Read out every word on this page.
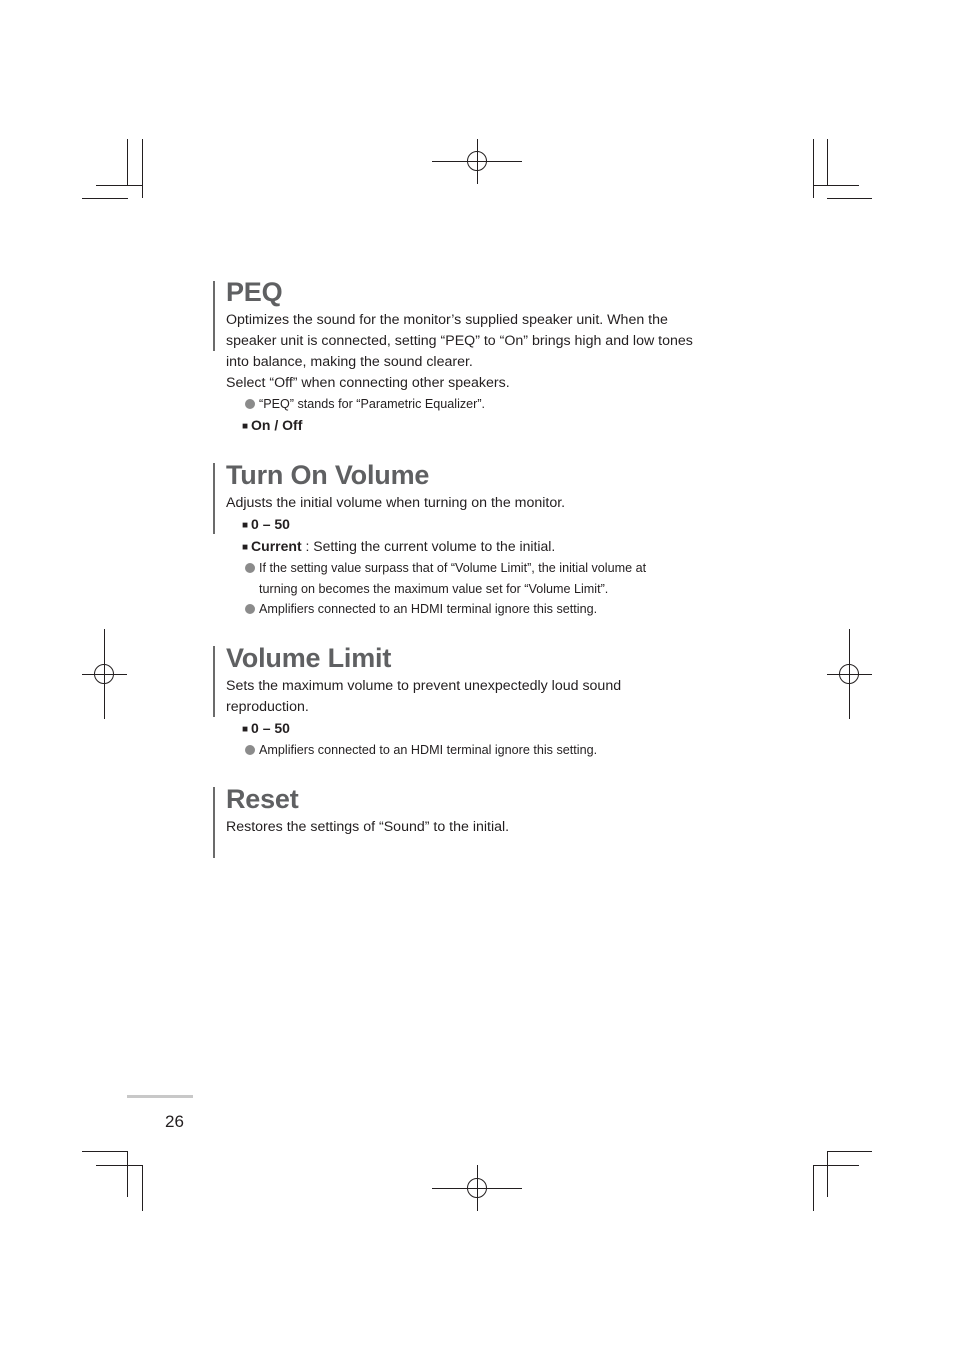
PEQ

Optimizes the sound for the monitor’s supplied speaker unit. When the

speaker unit is connected, setting “PEQ” to “On” brings high and low tones

into balance, making the sound clearer.

Select “Off” when connecting other speakers.

“PEQ” stands for “Parametric Equalizer”.

■ On / Off

Turn On Volume

Adjusts the initial volume when turning on the monitor.

■ 0 – 50

■ Current : Setting the current volume to the initial.

If the setting value surpass that of “Volume Limit”, the initial volume at
turning on becomes the maximum value set for “Volume Limit”.

Amplifiers connected to an HDMI terminal ignore this setting.

Volume Limit

Sets the maximum volume to prevent unexpectedly loud sound

reproduction.

■ 0 – 50

Amplifiers connected to an HDMI terminal ignore this setting.

Reset

Restores the settings of “Sound” to the initial.

26
